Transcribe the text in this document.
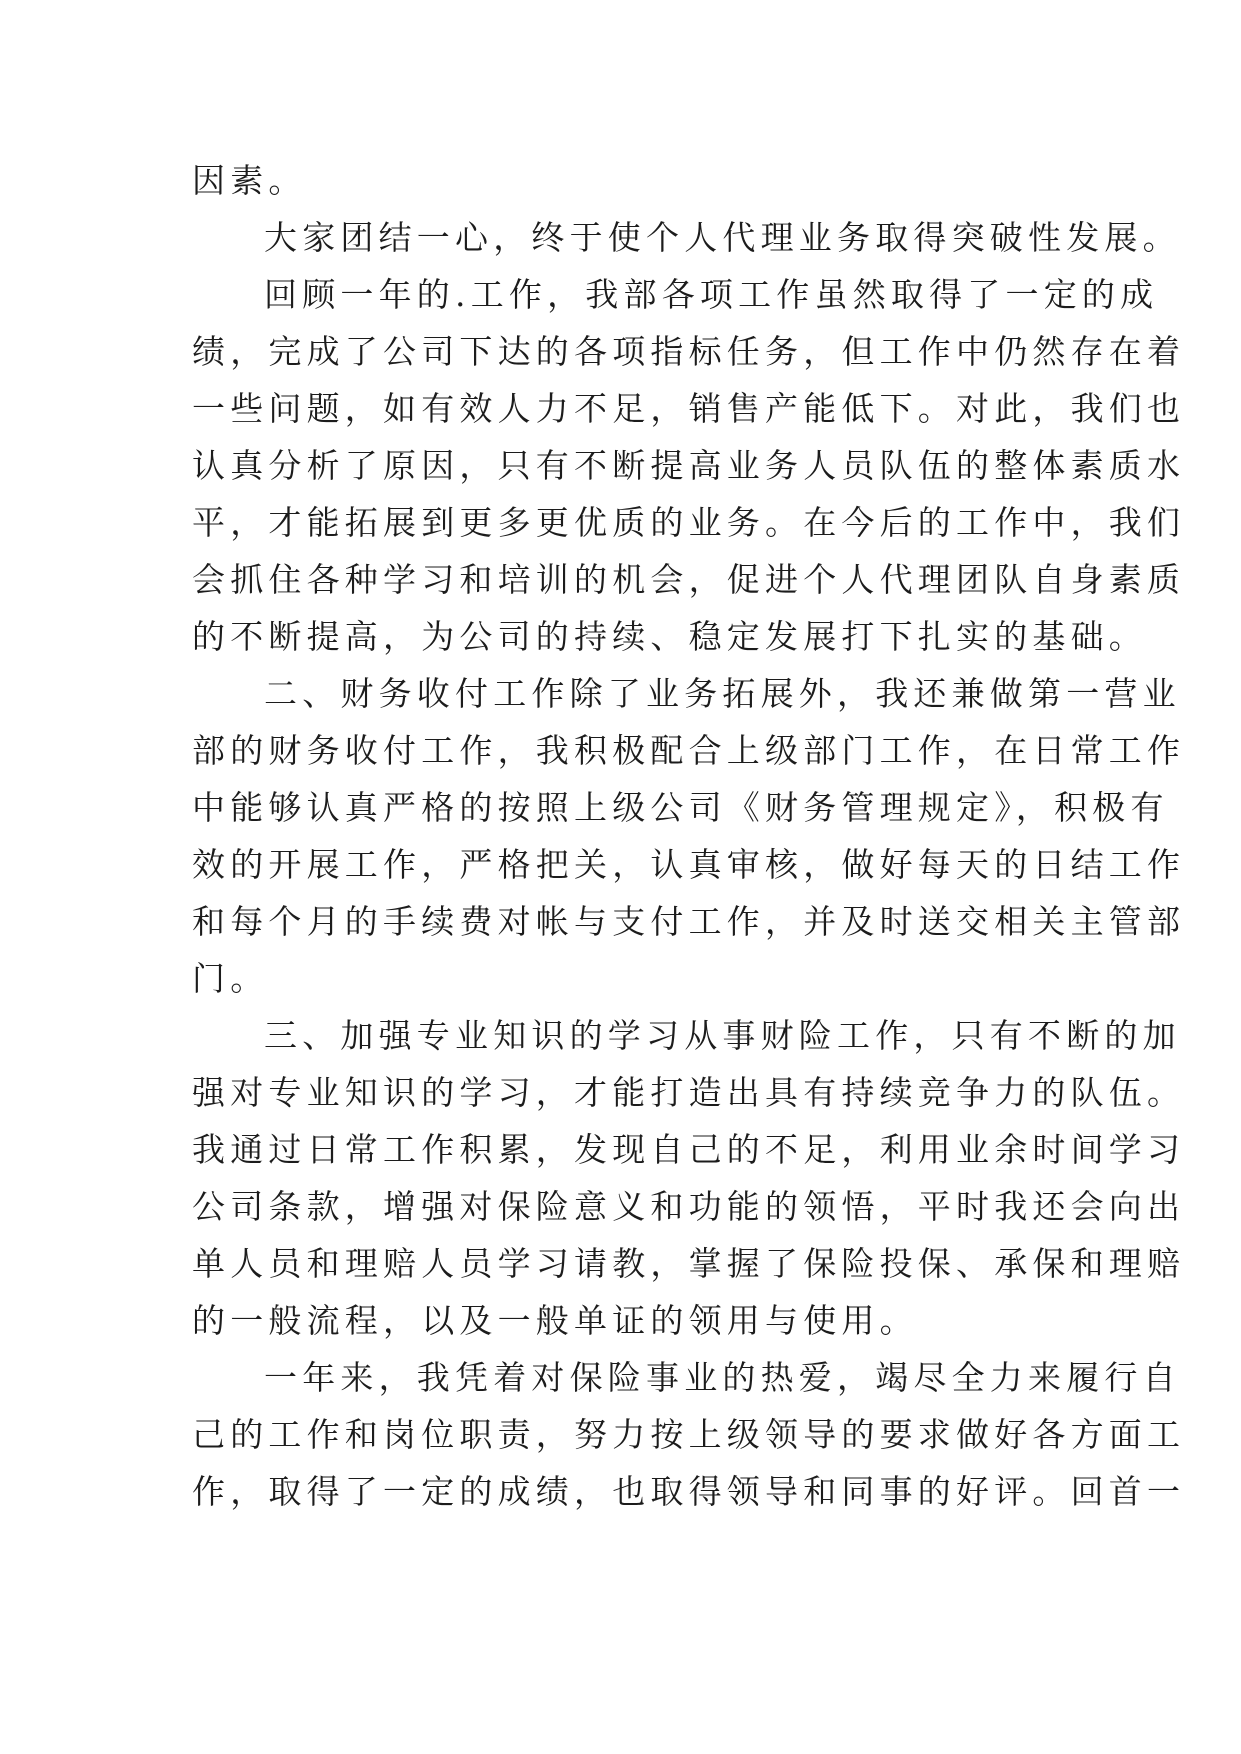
因素。
大家团结一心，终于使个人代理业务取得突破性发展。
回顾一年的.工作，我部各项工作虽然取得了一定的成
绩，完成了公司下达的各项指标任务，但工作中仍然存在着
一些问题，如有效人力不足，销售产能低下。对此，我们也
认真分析了原因，只有不断提高业务人员队伍的整体素质水
平，才能拓展到更多更优质的业务。在今后的工作中，我们
会抓住各种学习和培训的机会，促进个人代理团队自身素质
的不断提高，为公司的持续、稳定发展打下扎实的基础。
二、财务收付工作除了业务拓展外，我还兼做第一营业
部的财务收付工作，我积极配合上级部门工作，在日常工作
中能够认真严格的按照上级公司《财务管理规定》，积极有
效的开展工作，严格把关，认真审核，做好每天的日结工作
和每个月的手续费对帐与支付工作，并及时送交相关主管部
门。
三、加强专业知识的学习从事财险工作，只有不断的加
强对专业知识的学习，才能打造出具有持续竞争力的队伍。
我通过日常工作积累，发现自己的不足，利用业余时间学习
公司条款，增强对保险意义和功能的领悟，平时我还会向出
单人员和理赔人员学习请教，掌握了保险投保、承保和理赔
的一般流程，以及一般单证的领用与使用。
一年来，我凭着对保险事业的热爱，竭尽全力来履行自
己的工作和岗位职责，努力按上级领导的要求做好各方面工
作，取得了一定的成绩，也取得领导和同事的好评。回首一
